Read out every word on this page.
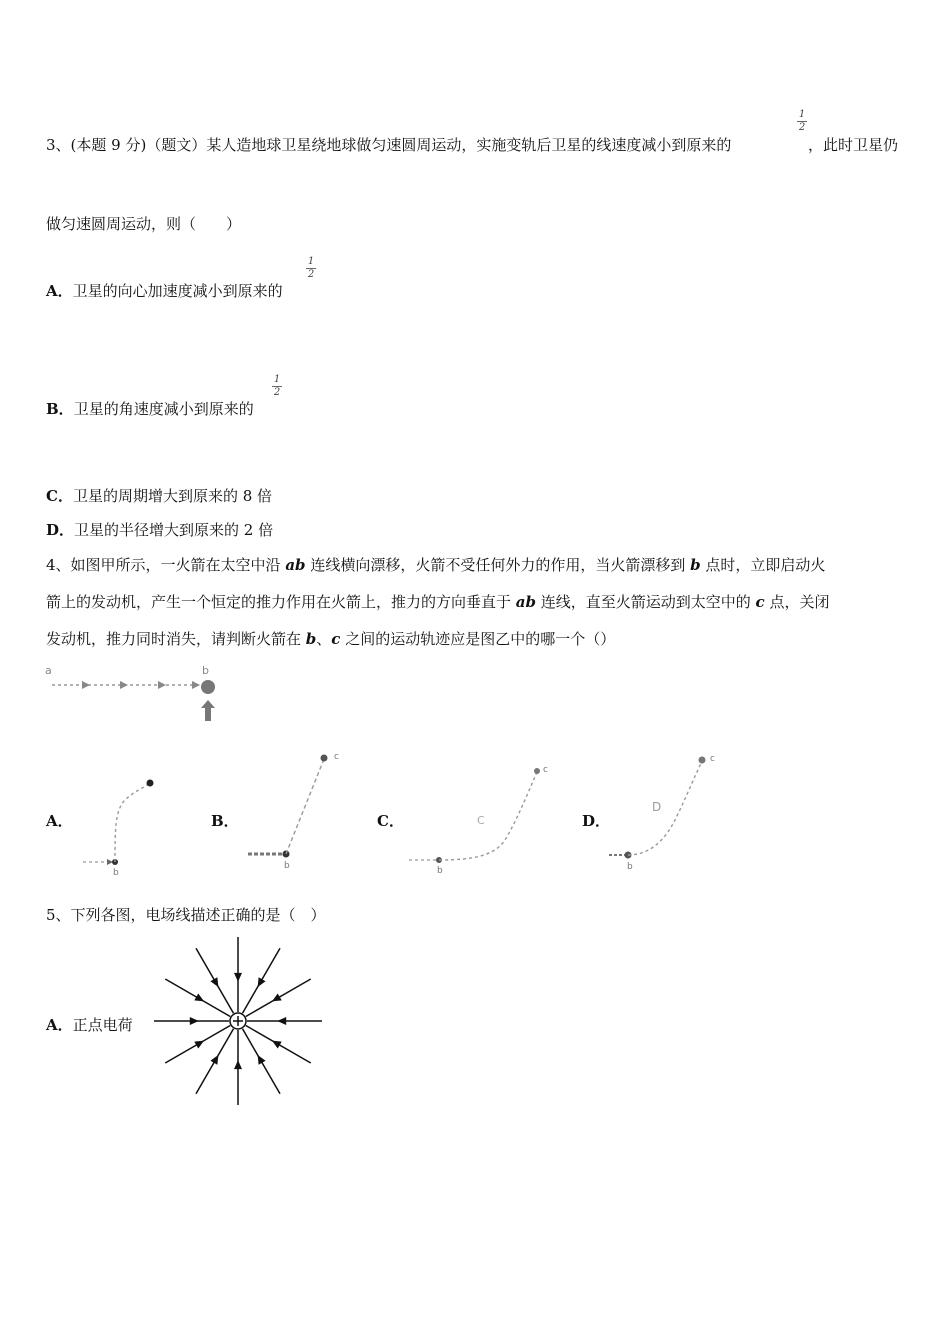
3、(本题 9 分)（题文）某人造地球卫星绕地球做匀速圆周运动，实施变轨后卫星的线速度减小到原来的
1
2
，此时卫星仍
做匀速圆周运动，则（　　）
A．卫星的向心加速度减小到原来的
1
2
B．卫星的角速度减小到原来的
1
2
C．卫星的周期增大到原来的 8 倍
D．卫星的半径增大到原来的 2 倍
4、如图甲所示，一火箭在太空中沿 ab 连线横向漂移，火箭不受任何外力的作用，当火箭漂移到 b 点时，立即启动火
箭上的发动机，产生一个恒定的推力作用在火箭上，推力的方向垂直于 ab 连线，直至火箭运动到太空中的 c 点，关闭
发动机，推力同时消失，请判断火箭在 b、c 之间的运动轨迹应是图乙中的哪一个（）
a	b
A．
b
B．
c
b
C．
c
C
b
D．
c
D
b
5、下列各图，电场线描述正确的是（　）
A．正点电荷
